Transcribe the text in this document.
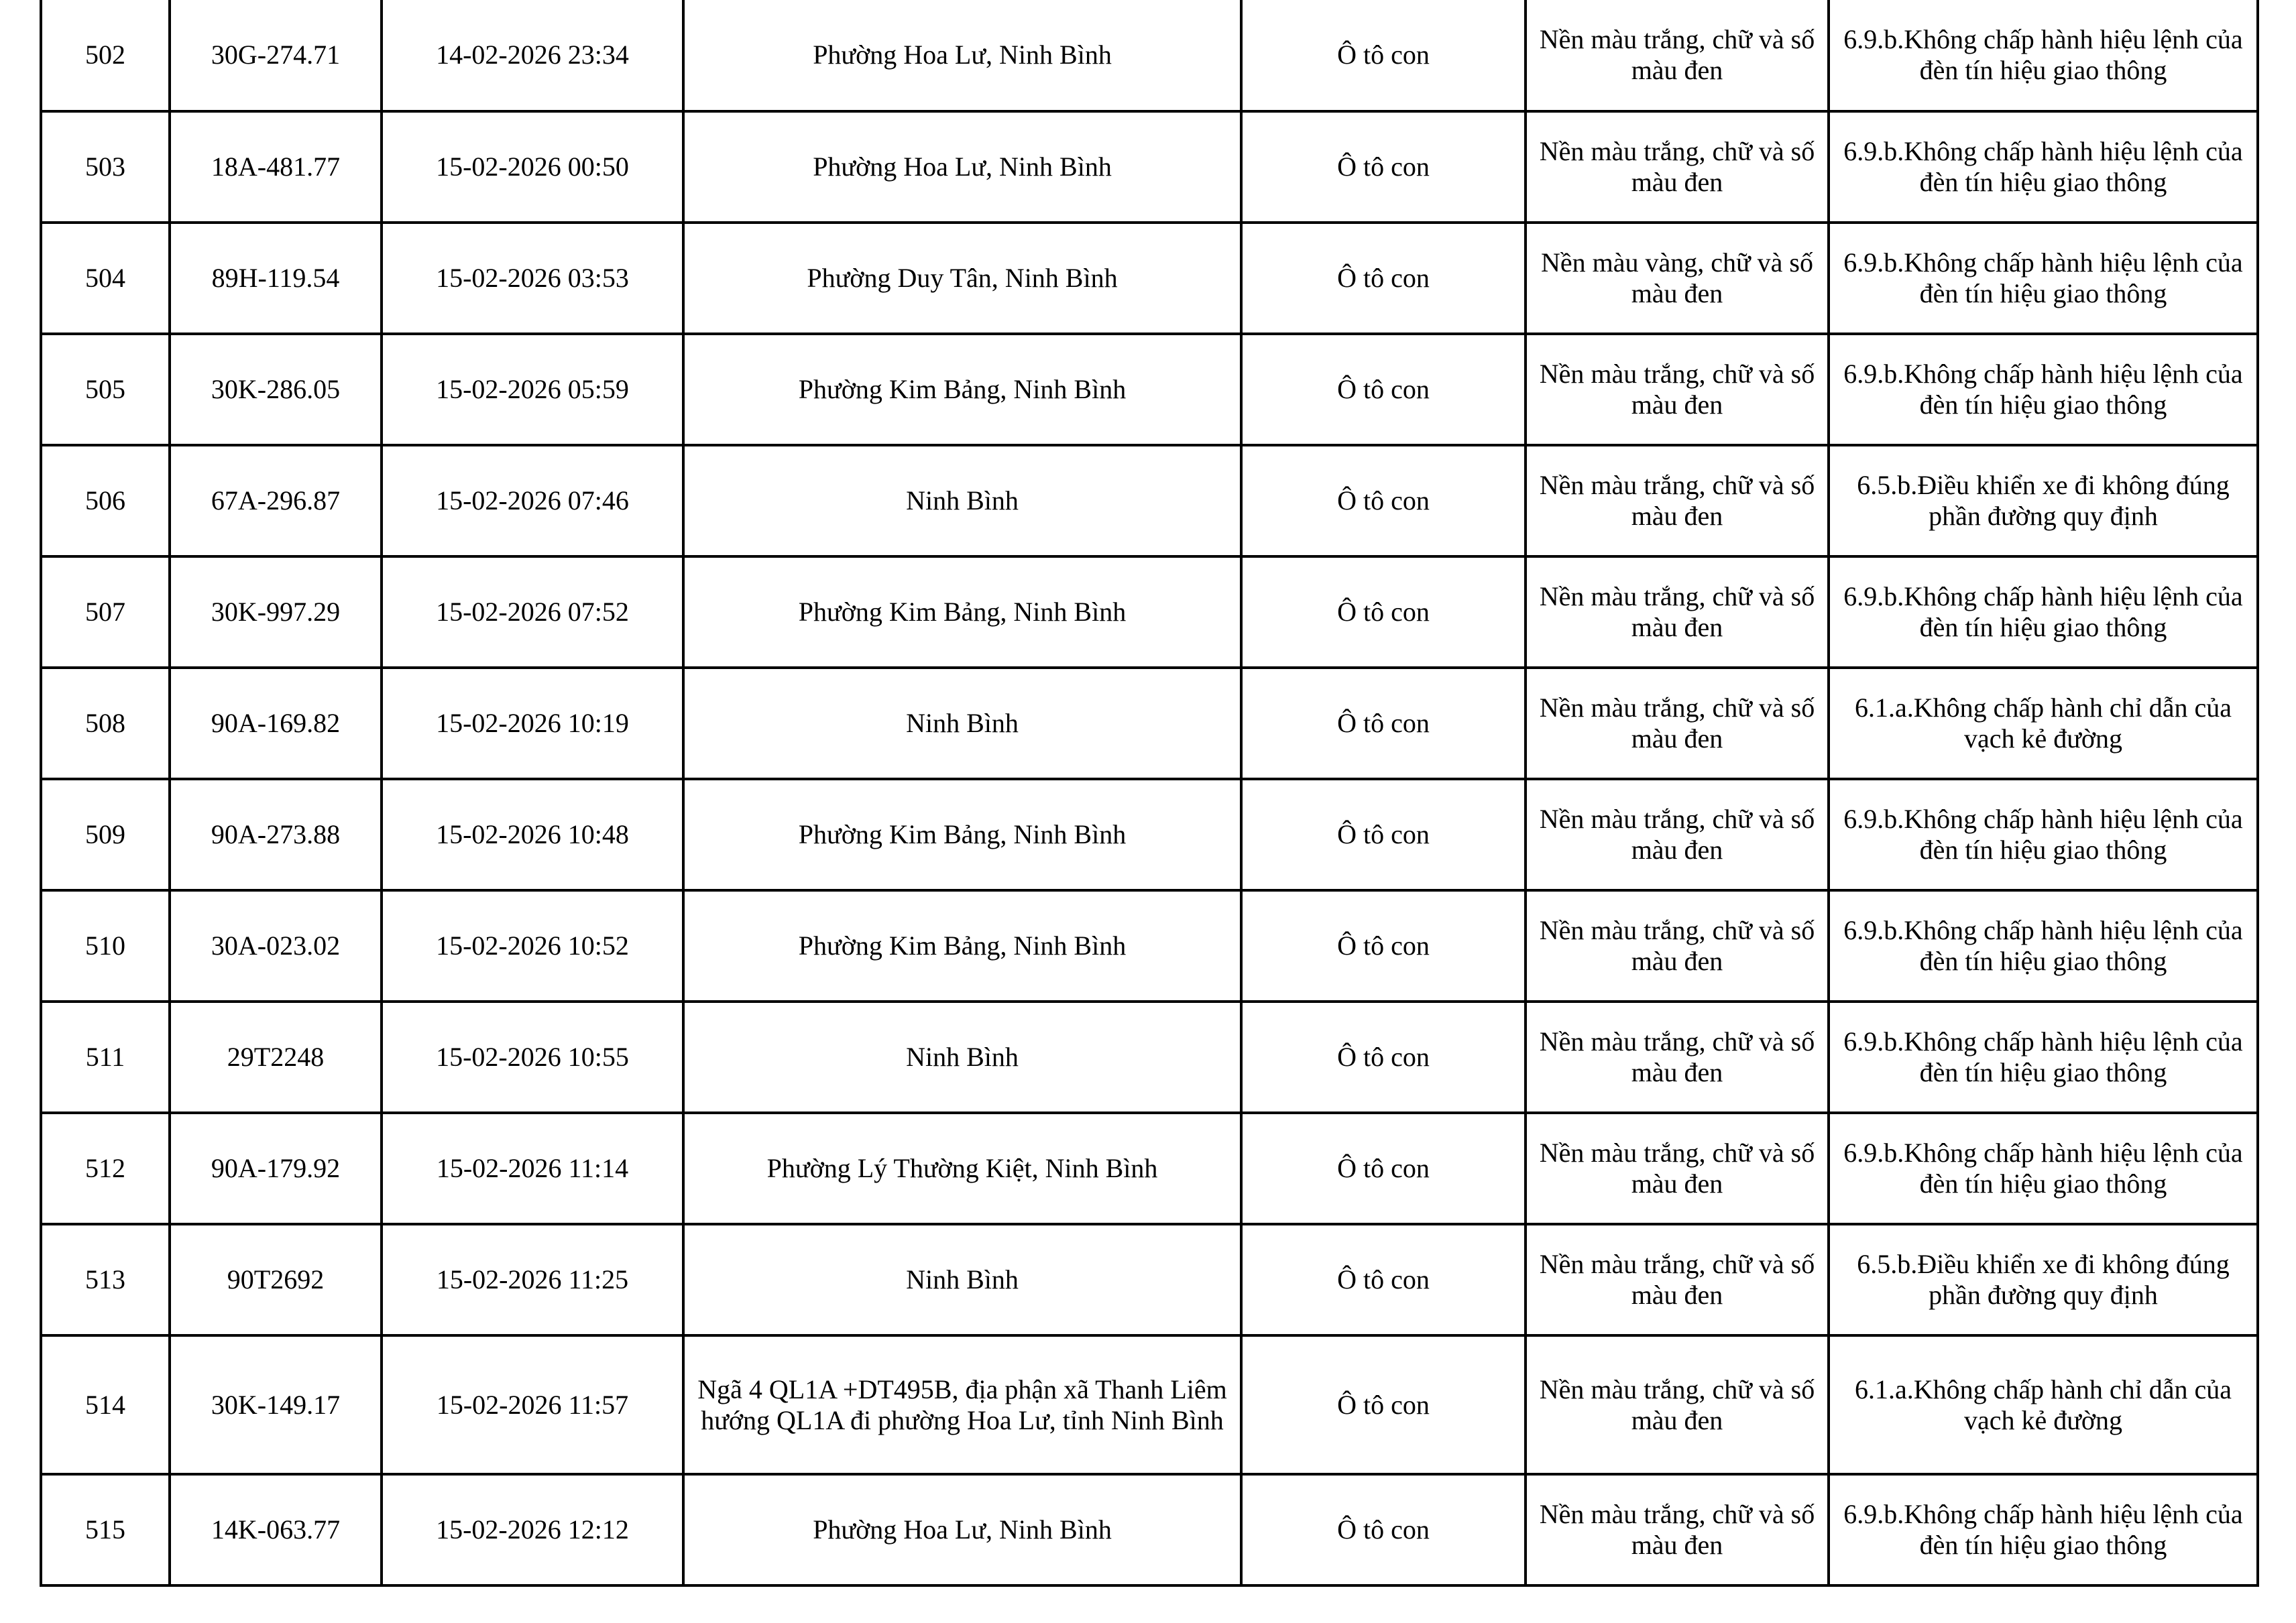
502	30G-274.71	14-02-2026 23:34	Phường Hoa Lư, Ninh Bình	Ô tô con	Nền màu trắng, chữ và số màu đen	6.9.b.Không chấp hành hiệu lệnh của đèn tín hiệu giao thông
503	18A-481.77	15-02-2026 00:50	Phường Hoa Lư, Ninh Bình	Ô tô con	Nền màu trắng, chữ và số màu đen	6.9.b.Không chấp hành hiệu lệnh của đèn tín hiệu giao thông
504	89H-119.54	15-02-2026 03:53	Phường Duy Tân, Ninh Bình	Ô tô con	Nền màu vàng, chữ và số màu đen	6.9.b.Không chấp hành hiệu lệnh của đèn tín hiệu giao thông
505	30K-286.05	15-02-2026 05:59	Phường Kim Bảng, Ninh Bình	Ô tô con	Nền màu trắng, chữ và số màu đen	6.9.b.Không chấp hành hiệu lệnh của đèn tín hiệu giao thông
506	67A-296.87	15-02-2026 07:46	Ninh Bình	Ô tô con	Nền màu trắng, chữ và số màu đen	6.5.b.Điều khiển xe đi không đúng phần đường quy định
507	30K-997.29	15-02-2026 07:52	Phường Kim Bảng, Ninh Bình	Ô tô con	Nền màu trắng, chữ và số màu đen	6.9.b.Không chấp hành hiệu lệnh của đèn tín hiệu giao thông
508	90A-169.82	15-02-2026 10:19	Ninh Bình	Ô tô con	Nền màu trắng, chữ và số màu đen	6.1.a.Không chấp hành chỉ dẫn của vạch kẻ đường
509	90A-273.88	15-02-2026 10:48	Phường Kim Bảng, Ninh Bình	Ô tô con	Nền màu trắng, chữ và số màu đen	6.9.b.Không chấp hành hiệu lệnh của đèn tín hiệu giao thông
510	30A-023.02	15-02-2026 10:52	Phường Kim Bảng, Ninh Bình	Ô tô con	Nền màu trắng, chữ và số màu đen	6.9.b.Không chấp hành hiệu lệnh của đèn tín hiệu giao thông
511	29T2248	15-02-2026 10:55	Ninh Bình	Ô tô con	Nền màu trắng, chữ và số màu đen	6.9.b.Không chấp hành hiệu lệnh của đèn tín hiệu giao thông
512	90A-179.92	15-02-2026 11:14	Phường Lý Thường Kiệt, Ninh Bình	Ô tô con	Nền màu trắng, chữ và số màu đen	6.9.b.Không chấp hành hiệu lệnh của đèn tín hiệu giao thông
513	90T2692	15-02-2026 11:25	Ninh Bình	Ô tô con	Nền màu trắng, chữ và số màu đen	6.5.b.Điều khiển xe đi không đúng phần đường quy định
514	30K-149.17	15-02-2026 11:57	Ngã 4 QL1A +DT495B, địa phận xã Thanh Liêm hướng QL1A đi phường Hoa Lư, tỉnh Ninh Bình	Ô tô con	Nền màu trắng, chữ và số màu đen	6.1.a.Không chấp hành chỉ dẫn của vạch kẻ đường
515	14K-063.77	15-02-2026 12:12	Phường Hoa Lư, Ninh Bình	Ô tô con	Nền màu trắng, chữ và số màu đen	6.9.b.Không chấp hành hiệu lệnh của đèn tín hiệu giao thông
